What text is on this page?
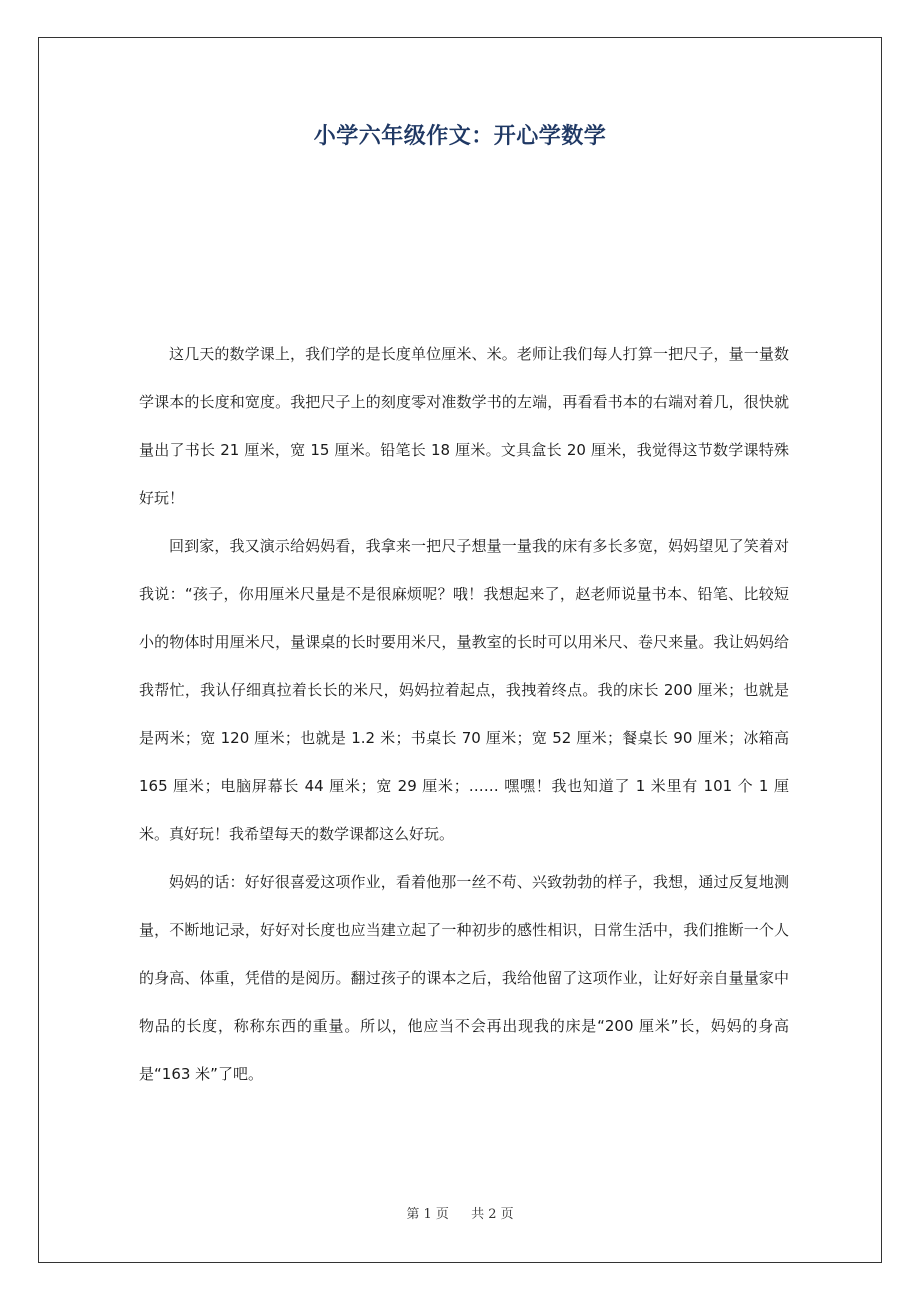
小学六年级作文：开心学数学

这几天的数学课上，我们学的是长度单位厘米、米。老师让我们每人打算一把尺子，量一量数学课本的长度和宽度。我把尺子上的刻度零对准数学书的左端，再看看书本的右端对着几，很快就量出了书长 21 厘米，宽 15 厘米。铅笔长 18 厘米。文具盒长 20 厘米，我觉得这节数学课特殊好玩！

回到家，我又演示给妈妈看，我拿来一把尺子想量一量我的床有多长多宽，妈妈望见了笑着对我说：“孩子，你用厘米尺量是不是很麻烦呢？哦！我想起来了，赵老师说量书本、铅笔、比较短小的物体时用厘米尺，量课桌的长时要用米尺，量教室的长时可以用米尺、卷尺来量。我让妈妈给我帮忙，我认仔细真拉着长长的米尺，妈妈拉着起点，我拽着终点。我的床长 200 厘米；也就是是两米；宽 120 厘米；也就是 1.2 米；书桌长 70 厘米；宽 52 厘米；餐桌长 90 厘米；冰箱高 165 厘米；电脑屏幕长 44 厘米；宽 29 厘米；…… 嘿嘿！我也知道了 1 米里有 101 个 1 厘米。真好玩！我希望每天的数学课都这么好玩。

妈妈的话：好好很喜爱这项作业，看着他那一丝不苟、兴致勃勃的样子，我想，通过反复地测量，不断地记录，好好对长度也应当建立起了一种初步的感性相识，日常生活中，我们推断一个人的身高、体重，凭借的是阅历。翻过孩子的课本之后，我给他留了这项作业，让好好亲自量量家中物品的长度，称称东西的重量。所以，他应当不会再出现我的床是“200 厘米”长，妈妈的身高是“163 米”了吧。

第 1 页 共 2 页
